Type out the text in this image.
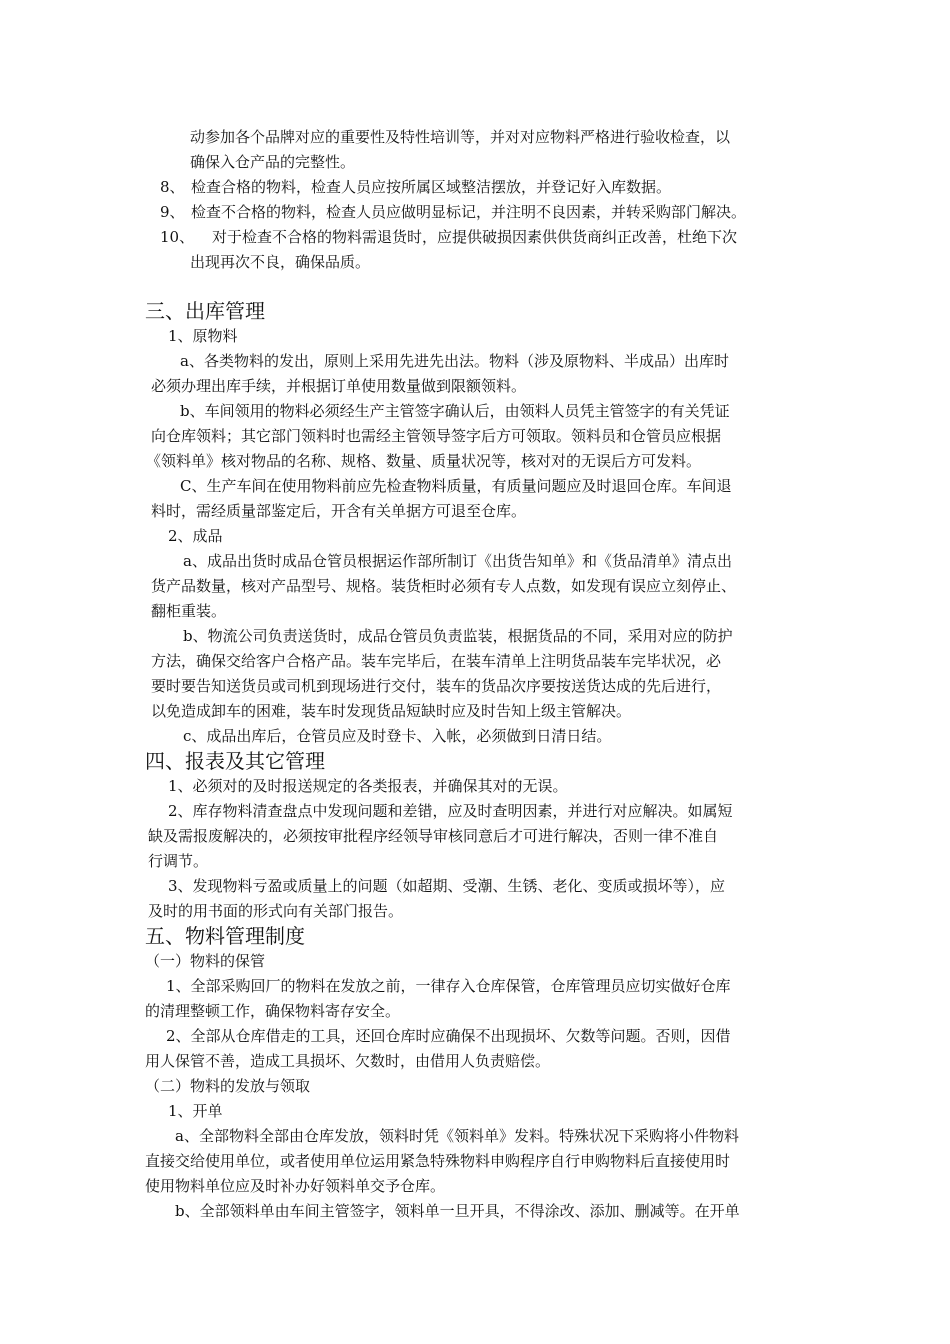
动参加各个品牌对应的重要性及特性培训等，并对对应物料严格进行验收检查，以
确保入仓产品的完整性。
8、 检查合格的物料，检查人员应按所属区域整洁摆放，并登记好入库数据。
9、 检查不合格的物料，检查人员应做明显标记，并注明不良因素，并转采购部门解决。
10、 对于检查不合格的物料需退货时，应提供破损因素供供货商纠正改善，杜绝下次
出现再次不良，确保品质。
三、出库管理
1、原物料
a、各类物料的发出，原则上采用先进先出法。物料（涉及原物料、半成品）出库时
必须办理出库手续，并根据订单使用数量做到限额领料。
b、车间领用的物料必须经生产主管签字确认后，由领料人员凭主管签字的有关凭证
向仓库领料；其它部门领料时也需经主管领导签字后方可领取。领料员和仓管员应根据
《领料单》核对物品的名称、规格、数量、质量状况等，核对对的无误后方可发料。
C、生产车间在使用物料前应先检查物料质量，有质量问题应及时退回仓库。车间退
料时，需经质量部鉴定后，开含有关单据方可退至仓库。
2、成品
a、成品出货时成品仓管员根据运作部所制订《出货告知单》和《货品清单》清点出
货产品数量，核对产品型号、规格。装货柜时必须有专人点数，如发现有误应立刻停止、
翻柜重装。
b、物流公司负责送货时，成品仓管员负责监装，根据货品的不同，采用对应的防护
方法，确保交给客户合格产品。装车完毕后，在装车清单上注明货品装车完毕状况，必
要时要告知送货员或司机到现场进行交付，装车的货品次序要按送货达成的先后进行，
以免造成卸车的困难，装车时发现货品短缺时应及时告知上级主管解决。
c、成品出库后，仓管员应及时登卡、入帐，必须做到日清日结。
四、报表及其它管理
1、必须对的及时报送规定的各类报表，并确保其对的无误。
2、库存物料清查盘点中发现问题和差错，应及时查明因素，并进行对应解决。如属短
缺及需报废解决的，必须按审批程序经领导审核同意后才可进行解决，否则一律不准自
行调节。
3、发现物料亏盈或质量上的问题（如超期、受潮、生锈、老化、变质或损坏等），应
及时的用书面的形式向有关部门报告。
五、物料管理制度
（一）物料的保管
1、全部采购回厂的物料在发放之前，一律存入仓库保管，仓库管理员应切实做好仓库
的清理整顿工作，确保物料寄存安全。
2、全部从仓库借走的工具，还回仓库时应确保不出现损坏、欠数等问题。否则，因借
用人保管不善，造成工具损坏、欠数时，由借用人负责赔偿。
（二）物料的发放与领取
1、开单
a、全部物料全部由仓库发放，领料时凭《领料单》发料。特殊状况下采购将小件物料
直接交给使用单位，或者使用单位运用紧急特殊物料申购程序自行申购物料后直接使用时
使用物料单位应及时补办好领料单交予仓库。
b、全部领料单由车间主管签字，领料单一旦开具，不得涂改、添加、删减等。在开单
